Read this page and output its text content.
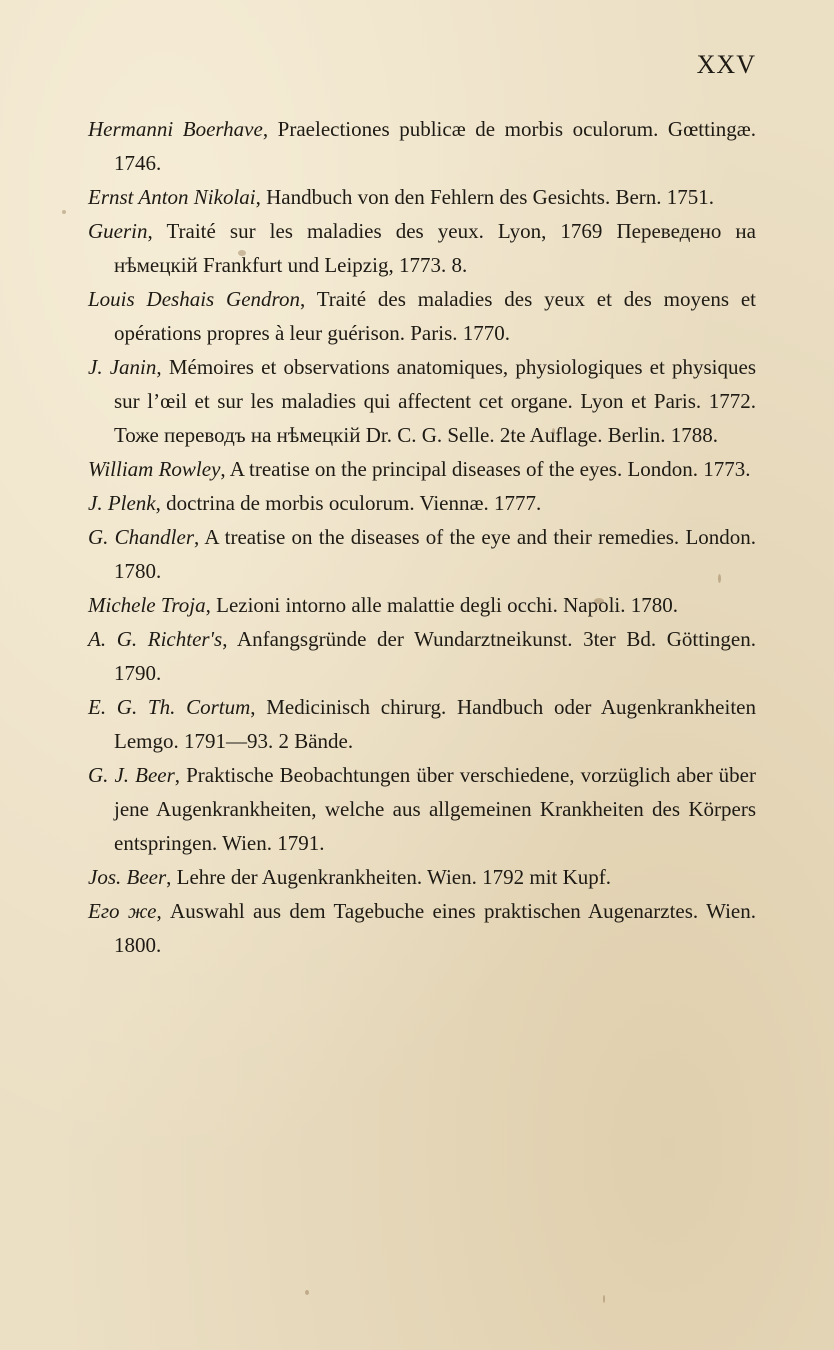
XXV

Hermanni Boerhave, Praelectiones publicæ de morbis oculorum. Gœttingæ. 1746.

Ernst Anton Nikolai, Handbuch von den Fehlern des Gesichts. Bern. 1751.

Guerin, Traité sur les maladies des yeux. Lyon, 1769 Переведено на нѣмецкій Frankfurt und Leipzig, 1773. 8.

Louis Deshais Gendron, Traité des maladies des yeux et des moyens et opérations propres à leur guérison. Paris. 1770.

J. Janin, Mémoires et observations anatomiques, physiologiques et physiques sur l’œil et sur les maladies qui affectent cet organe. Lyon et Paris. 1772. Тоже переводъ на нѣмецкій Dr. C. G. Selle. 2te Auflage. Berlin. 1788.

William Rowley, A treatise on the principal diseases of the eyes. London. 1773.

J. Plenk, doctrina de morbis oculorum. Viennæ. 1777.

G. Chandler, A treatise on the diseases of the eye and their remedies. London. 1780.

Michele Troja, Lezioni intorno alle malattie degli occhi. Napoli. 1780.

A. G. Richter's, Anfangsgründe der Wundarztneikunst. 3ter Bd. Göttingen. 1790.

E. G. Th. Cortum, Medicinisch chirurg. Handbuch oder Augenkrankheiten Lemgo. 1791—93. 2 Bände.

G. J. Beer, Praktische Beobachtungen über verschiedene, vorzüglich aber über jene Augenkrankheiten, welche aus allgemeinen Krankheiten des Körpers entspringen. Wien. 1791.

Jos. Beer, Lehre der Augenkrankheiten. Wien. 1792 mit Kupf.

Его же, Auswahl aus dem Tagebuche eines praktischen Augenarztes. Wien. 1800.
